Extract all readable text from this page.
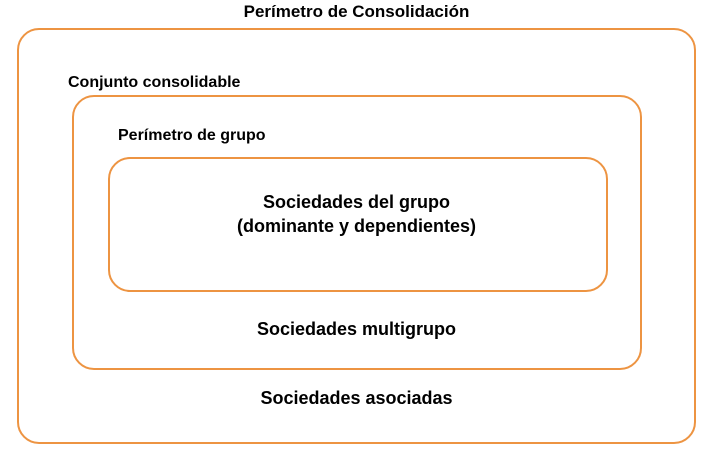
Perímetro de Consolidación
Conjunto consolidable
Perímetro de grupo
Sociedades del grupo
(dominante y dependientes)
Sociedades multigrupo
Sociedades asociadas
